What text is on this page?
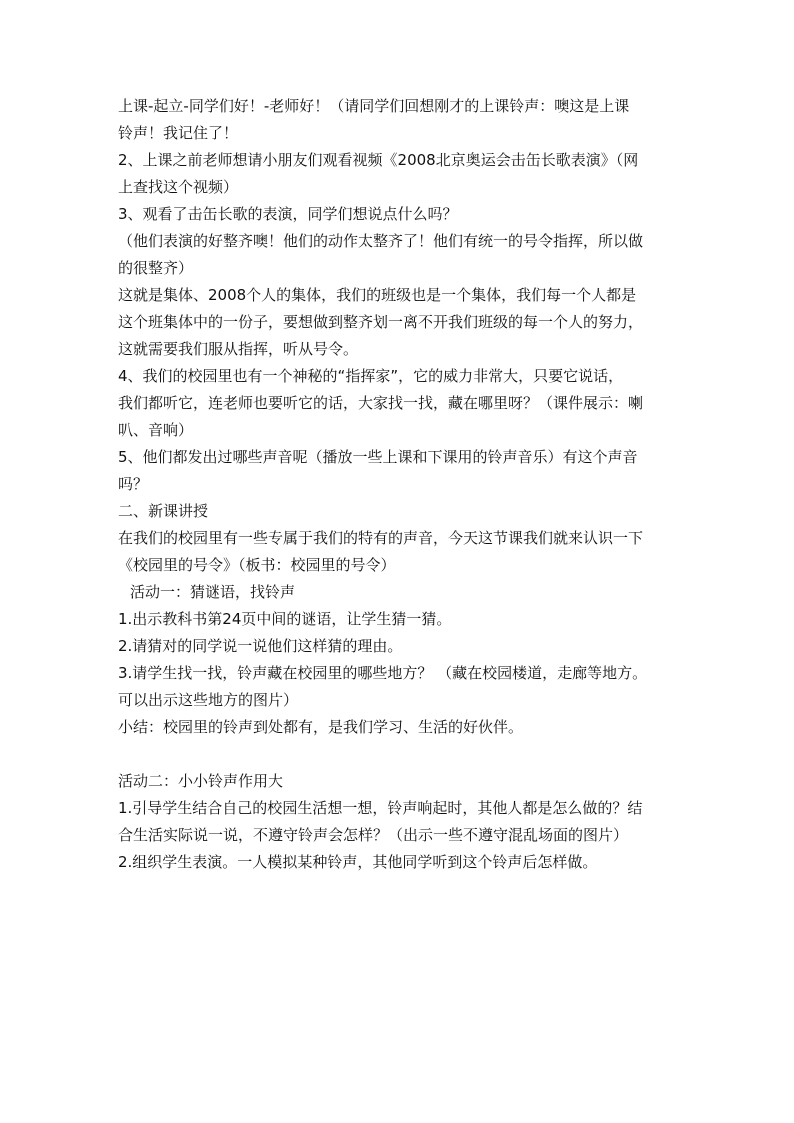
上课-起立-同学们好！-老师好！（请同学们回想刚才的上课铃声：噢这是上课

铃声！我记住了！

2、上课之前老师想请小朋友们观看视频《2008北京奥运会击缶长歌表演》（网

上查找这个视频）

3、观看了击缶长歌的表演，同学们想说点什么吗？

（他们表演的好整齐噢！他们的动作太整齐了！他们有统一的号令指挥，所以做

的很整齐）

这就是集体、2008个人的集体，我们的班级也是一个集体，我们每一个人都是

这个班集体中的一份子，要想做到整齐划一离不开我们班级的每一个人的努力，

这就需要我们服从指挥，听从号令。

4、我们的校园里也有一个神秘的“指挥家”，它的威力非常大，只要它说话，

我们都听它，连老师也要听它的话，大家找一找，藏在哪里呀？（课件展示：喇

叭、音响）

5、他们都发出过哪些声音呢（播放一些上课和下课用的铃声音乐）有这个声音

吗？

二、新课讲授

在我们的校园里有一些专属于我们的特有的声音，今天这节课我们就来认识一下

《校园里的号令》（板书：校园里的号令）

活动一：猜谜语，找铃声

1.出示教科书第24页中间的谜语，让学生猜一猜。

2.请猜对的同学说一说他们这样猜的理由。

3.请学生找一找，铃声藏在校园里的哪些地方？ （藏在校园楼道，走廊等地方。

可以出示这些地方的图片）

小结：校园里的铃声到处都有，是我们学习、生活的好伙伴。

活动二：小小铃声作用大

1.引导学生结合自己的校园生活想一想，铃声响起时，其他人都是怎么做的？结

合生活实际说一说，不遵守铃声会怎样？（出示一些不遵守混乱场面的图片）

2.组织学生表演。一人模拟某种铃声，其他同学听到这个铃声后怎样做。
